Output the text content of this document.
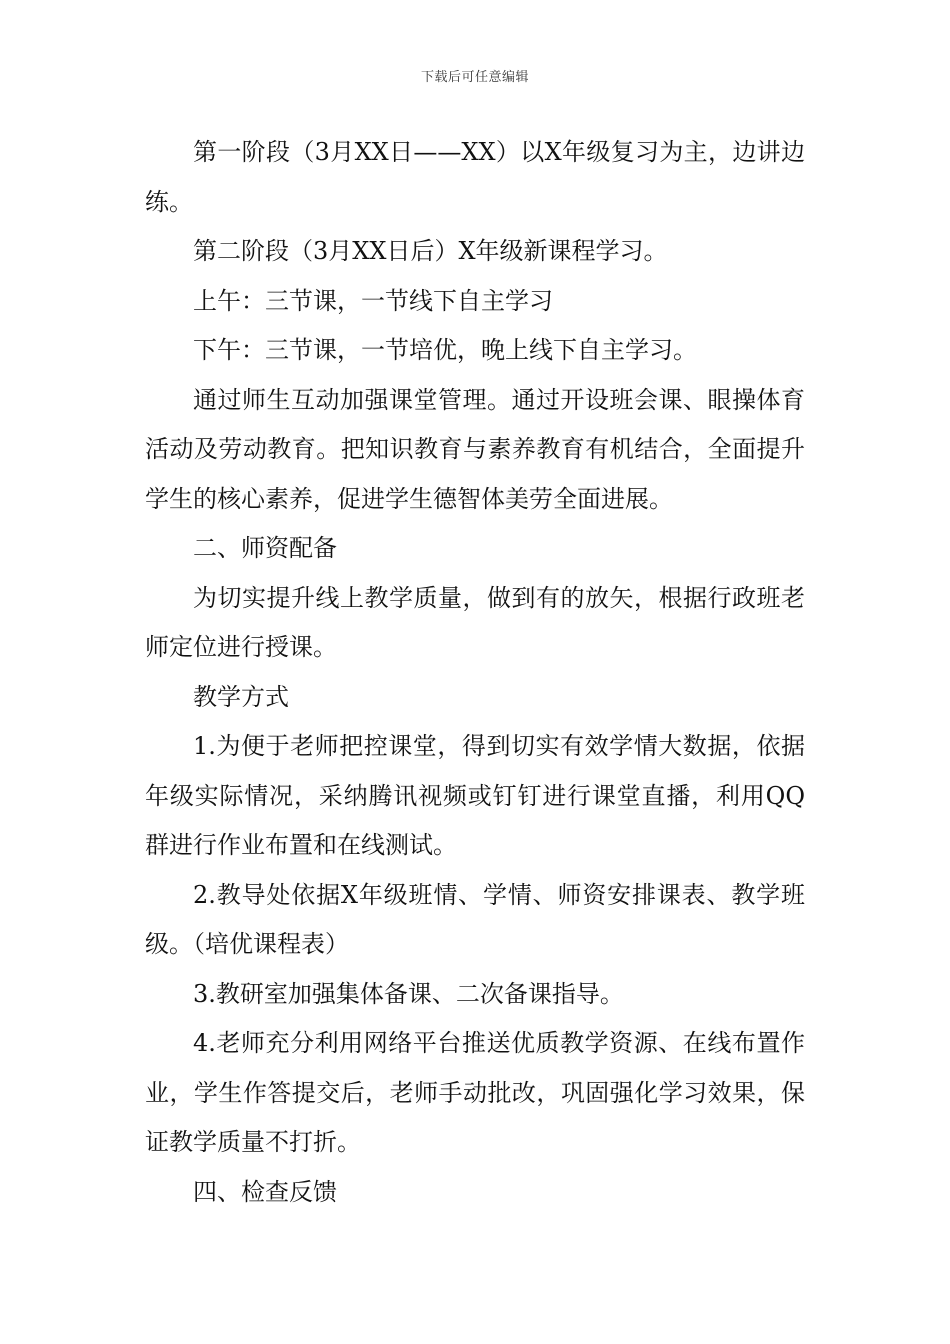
下载后可任意编辑

第一阶段（3月XX日——XX）以X年级复习为主，边讲边练。

第二阶段（3月XX日后）X年级新课程学习。

上午：三节课，一节线下自主学习

下午：三节课，一节培优，晚上线下自主学习。

通过师生互动加强课堂管理。通过开设班会课、眼操体育活动及劳动教育。把知识教育与素养教育有机结合，全面提升学生的核心素养，促进学生德智体美劳全面进展。

二、师资配备

为切实提升线上教学质量，做到有的放矢，根据行政班老师定位进行授课。

教学方式

1.为便于老师把控课堂，得到切实有效学情大数据，依据年级实际情况，采纳腾讯视频或钉钉进行课堂直播，利用QQ群进行作业布置和在线测试。

2.教导处依据X年级班情、学情、师资安排课表、教学班级。（培优课程表）

3.教研室加强集体备课、二次备课指导。

4.老师充分利用网络平台推送优质教学资源、在线布置作业，学生作答提交后，老师手动批改，巩固强化学习效果，保证教学质量不打折。

四、检查反馈
